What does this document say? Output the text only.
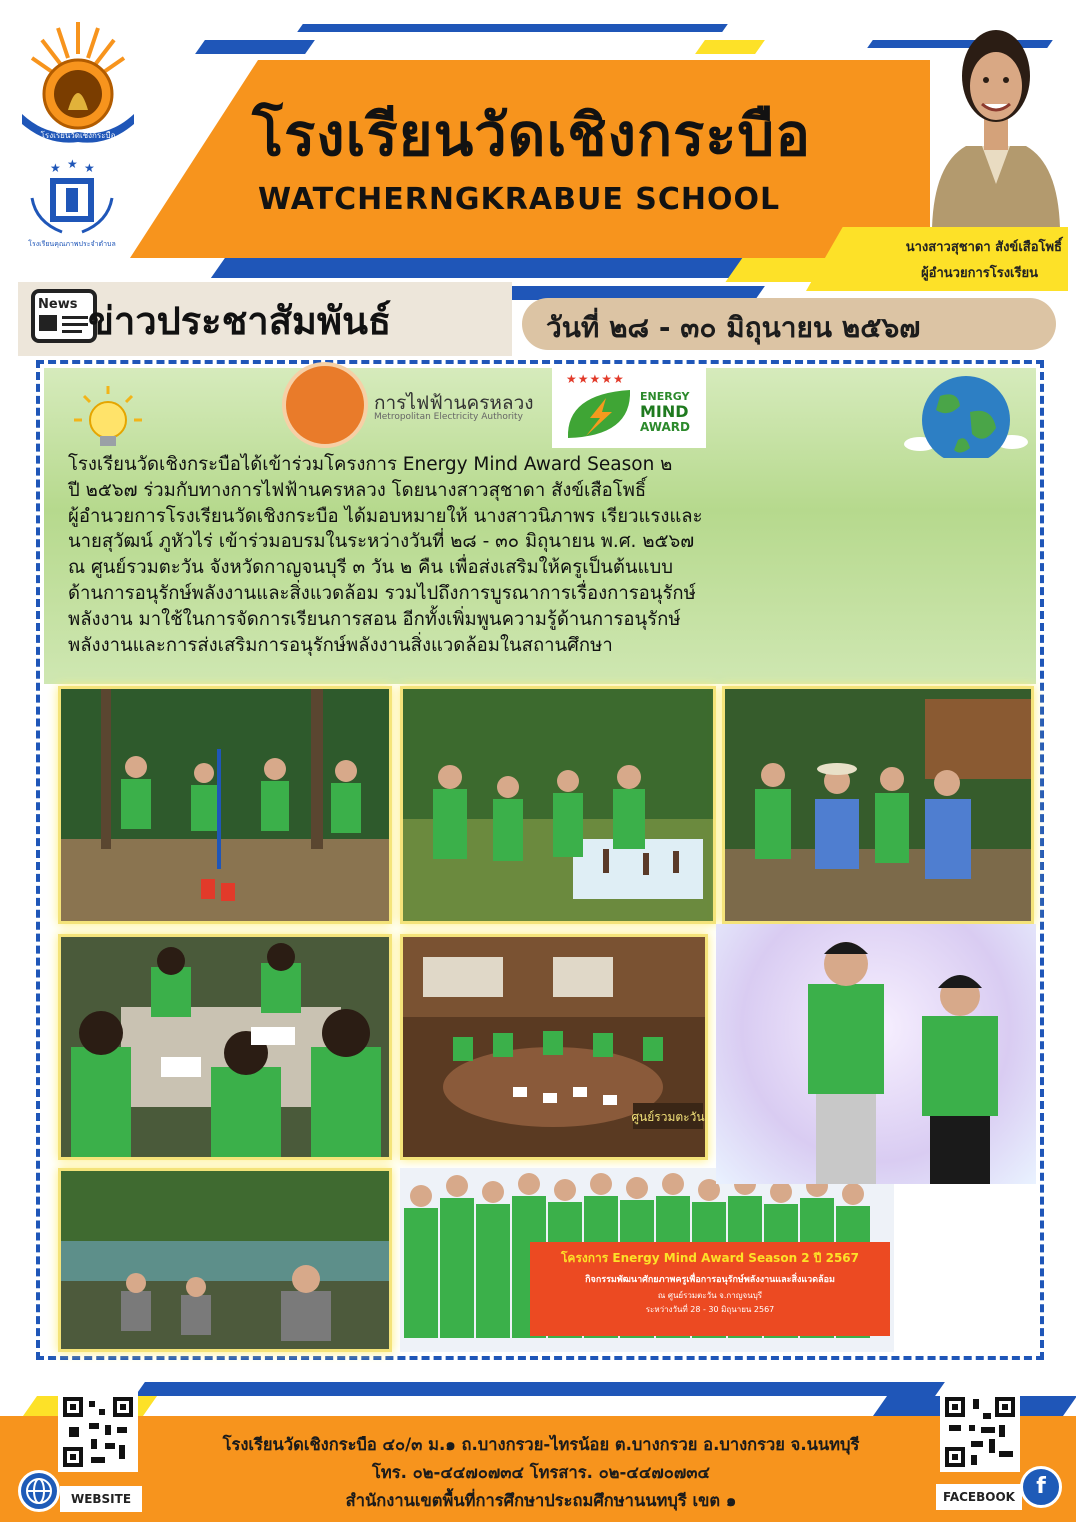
โรงเรียนวัดเชิงกระบือ
★ ★ ★
โรงเรียนคุณภาพประจำตำบล
โรงเรียนวัดเชิงกระบือ
WATCHERNGKRABUE SCHOOL
นางสาวสุชาดา สังข์เสือโพธิ์
ผู้อำนวยการโรงเรียน
News ข่าวประชาสัมพันธ์	วันที่ ๒๘ - ๓๐ มิถุนายน ๒๕๖๗
การไฟฟ้านครหลวง
Metropolitan Electricity Authority
★★★★★
ENERGY
MIND
AWARD

โรงเรียนวัดเชิงกระบือได้เข้าร่วมโครงการ Energy Mind Award Season ๒

ปี ๒๕๖๗ ร่วมกับทางการไฟฟ้านครหลวง โดยนางสาวสุชาดา สังข์เสือโพธิ์

ผู้อำนวยการโรงเรียนวัดเชิงกระบือ ได้มอบหมายให้ นางสาวนิภาพร เรียวแรงและ

นายสุวัฒน์ ภูหัวไร่ เข้าร่วมอบรมในระหว่างวันที่ ๒๘ - ๓๐ มิถุนายน พ.ศ. ๒๕๖๗

ณ ศูนย์รวมตะวัน จังหวัดกาญจนบุรี ๓ วัน ๒ คืน เพื่อส่งเสริมให้ครูเป็นต้นแบบ

ด้านการอนุรักษ์พลังงานและสิ่งแวดล้อม รวมไปถึงการบูรณาการเรื่องการอนุรักษ์

พลังงาน มาใช้ในการจัดการเรียนการสอน อีกทั้งเพิ่มพูนความรู้ด้านการอนุรักษ์

พลังงานและการส่งเสริมการอนุรักษ์พลังงานสิ่งแวดล้อมในสถานศึกษา

ศูนย์รวมตะวัน
โครงการ Energy Mind Award Season 2 ปี 2567
กิจกรรมพัฒนาศักยภาพครูเพื่อการอนุรักษ์พลังงานและสิ่งแวดล้อม
ณ ศูนย์รวมตะวัน จ.กาญจนบุรี
ระหว่างวันที่ 28 - 30 มิถุนายน 2567
WEBSITE	FACEBOOK f
โรงเรียนวัดเชิงกระบือ ๔๐/๓ ม.๑ ถ.บางกรวย-ไทรน้อย ต.บางกรวย อ.บางกรวย จ.นนทบุรี
โทร. ๐๒-๔๔๗๐๗๓๔ โทรสาร. ๐๒-๔๔๗๐๗๓๔
สำนักงานเขตพื้นที่การศึกษาประถมศึกษานนทบุรี เขต ๑
